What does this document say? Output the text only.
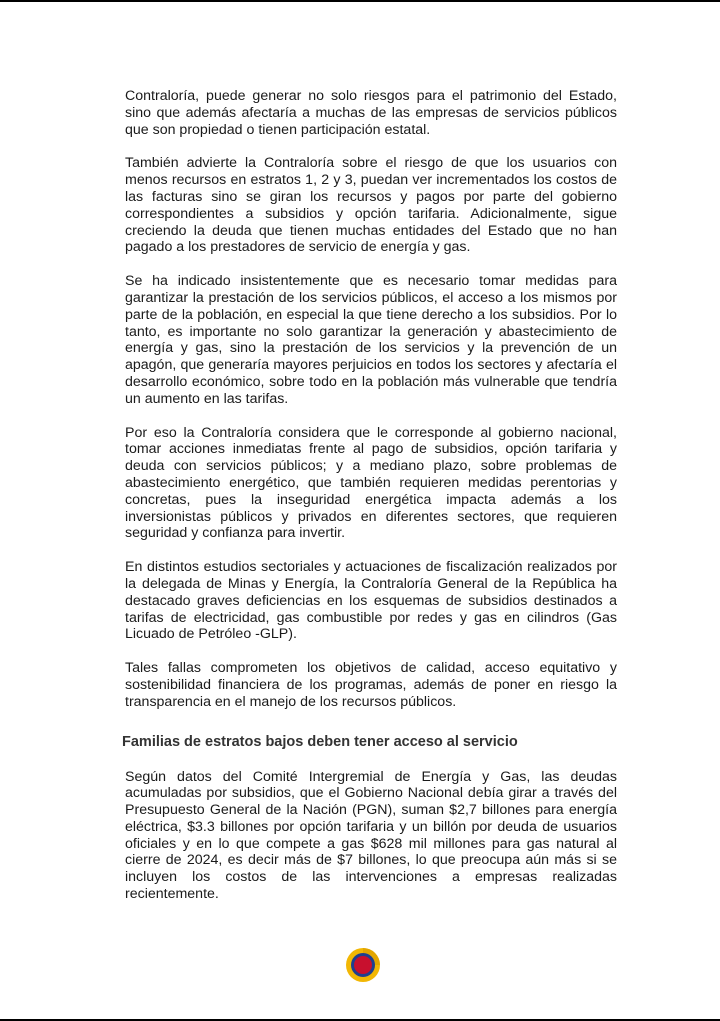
Contraloría, puede generar no solo riesgos para el patrimonio del Estado, sino que además afectaría a muchas de las empresas de servicios públicos que son propiedad o tienen participación estatal.

También advierte la Contraloría sobre el riesgo de que los usuarios con menos recursos en estratos 1, 2 y 3, puedan ver incrementados los costos de las facturas sino se giran los recursos y pagos por parte del gobierno correspondientes a subsidios y opción tarifaria. Adicionalmente, sigue creciendo la deuda que tienen muchas entidades del Estado que no han pagado a los prestadores de servicio de energía y gas.

Se ha indicado insistentemente que es necesario tomar medidas para garantizar la prestación de los servicios públicos, el acceso a los mismos por parte de la población, en especial la que tiene derecho a los subsidios. Por lo tanto, es importante no solo garantizar la generación y abastecimiento de energía y gas, sino la prestación de los servicios y la prevención de un apagón, que generaría mayores perjuicios en todos los sectores y afectaría el desarrollo económico, sobre todo en la población más vulnerable que tendría un aumento en las tarifas.

Por eso la Contraloría considera que le corresponde al gobierno nacional, tomar acciones inmediatas frente al pago de subsidios, opción tarifaria y deuda con servicios públicos; y a mediano plazo, sobre problemas de abastecimiento energético, que también requieren medidas perentorias y concretas, pues la inseguridad energética impacta además a los inversionistas públicos y privados en diferentes sectores, que requieren seguridad y confianza para invertir.

En distintos estudios sectoriales y actuaciones de fiscalización realizados por la delegada de Minas y Energía, la Contraloría General de la República ha destacado graves deficiencias en los esquemas de subsidios destinados a tarifas de electricidad, gas combustible por redes y gas en cilindros (Gas Licuado de Petróleo -GLP).

Tales fallas comprometen los objetivos de calidad, acceso equitativo y sostenibilidad financiera de los programas, además de poner en riesgo la transparencia en el manejo de los recursos públicos.

Familias de estratos bajos deben tener acceso al servicio

Según datos del Comité Intergremial de Energía y Gas, las deudas acumuladas por subsidios, que el Gobierno Nacional debía girar a través del Presupuesto General de la Nación (PGN), suman $2,7 billones para energía eléctrica, $3.3 billones por opción tarifaria y un billón por deuda de usuarios oficiales y en lo que compete a gas $628 mil millones para gas natural al cierre de 2024, es decir más de $7 billones, lo que preocupa aún más si se incluyen los costos de las intervenciones a empresas realizadas recientemente.
